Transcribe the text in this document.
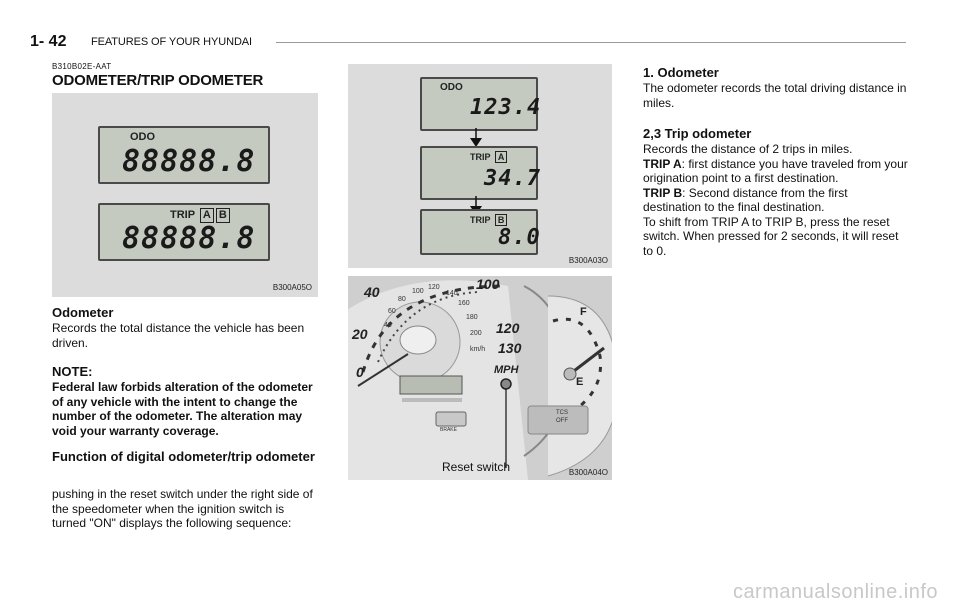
1- 42 FEATURES OF YOUR HYUNDAI
B310B02E-AAT
ODOMETER/TRIP ODOMETER
ODO
88888.8
TRIP A B
88888.8
B300A05O
Odometer
Records the total distance the vehicle has been driven.
NOTE:
Federal law forbids alteration of the odometer of any vehicle with the intent to change the number of the odometer. The alteration may void your warranty coverage.
Function of digital odometer/trip odometer
pushing in the reset switch under the right side of the speedometer when the ignition switch is turned "ON" displays the following sequence:
ODO
123.4
TRIP A
34.7
TRIP B
8.0
B300A03O
0
20
40	100
120
130
40
60
80
100
120
140
160
180
200
km/h
MPH
F
E
BRAKE
TCS
OFF
Reset switch	B300A04O
1. Odometer
The odometer records the total driving distance in miles.
2,3 Trip odometer
Records the distance of 2 trips in miles.
TRIP A: first distance you have traveled from your origination point to a first destination.
TRIP B: Second distance from the first destination to the final destination.
To shift from TRIP A to TRIP B, press the reset switch. When pressed for 2 seconds, it will reset to 0.
carmanualsonline.info
